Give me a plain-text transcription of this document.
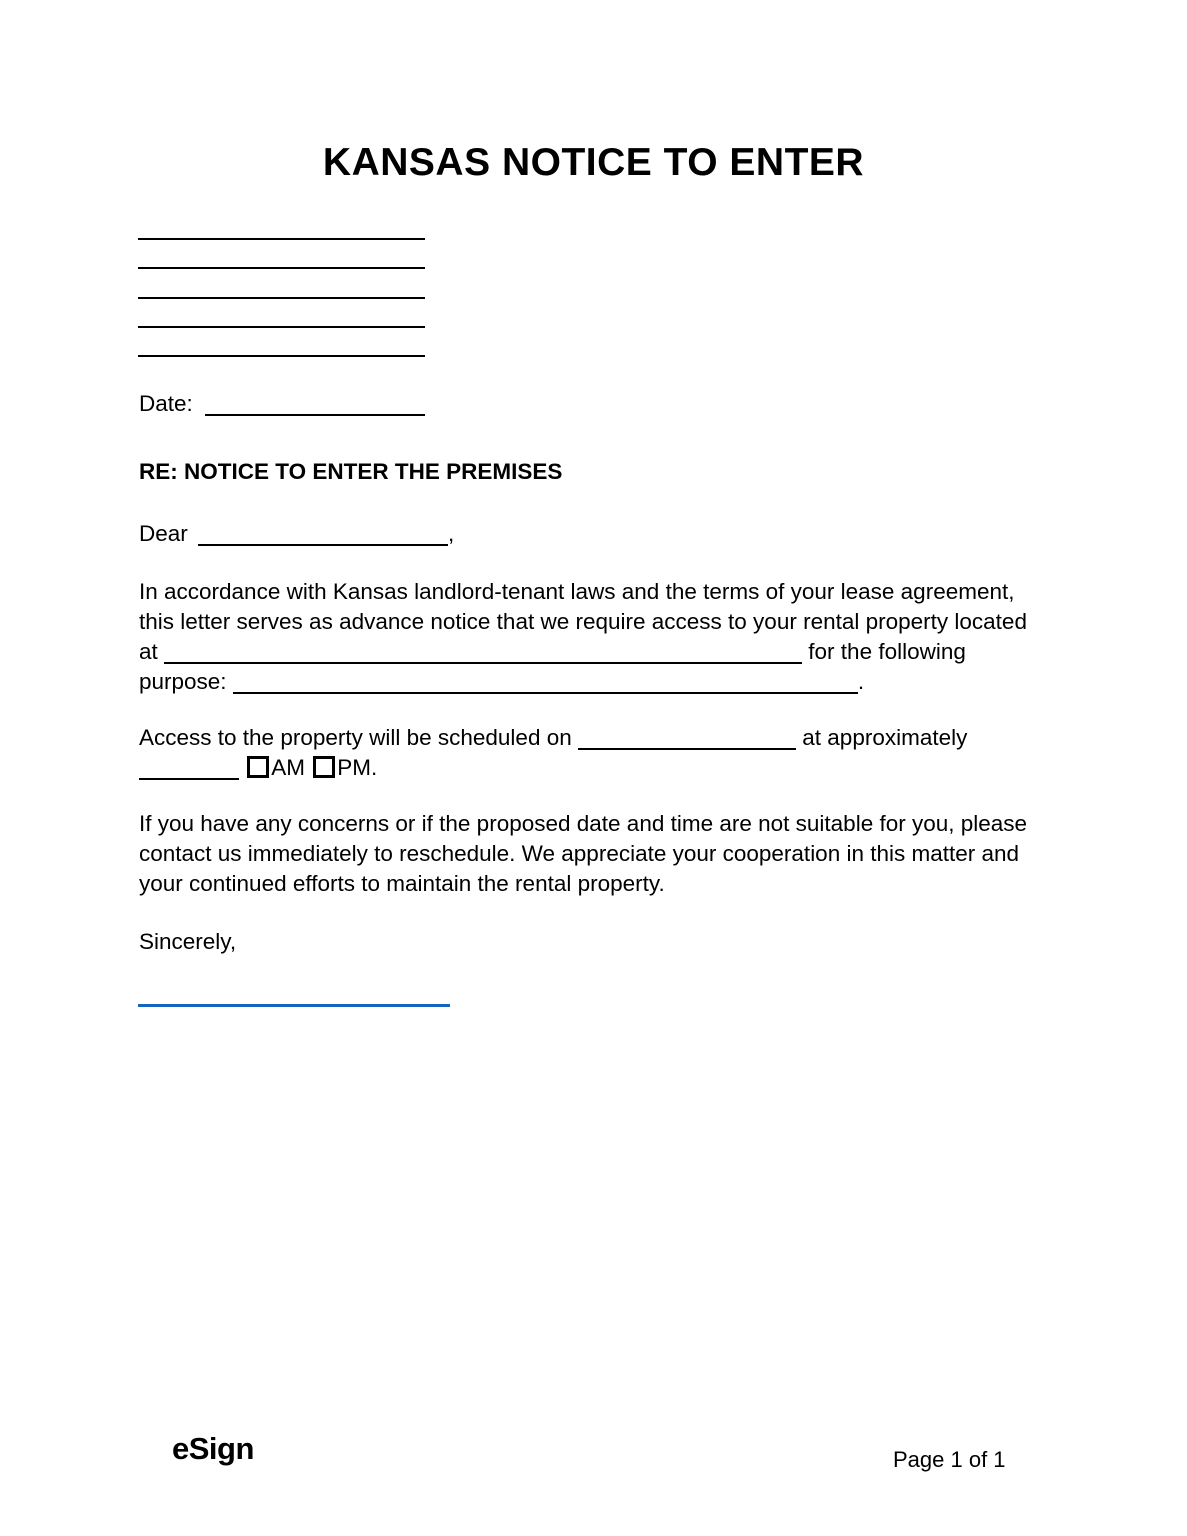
KANSAS NOTICE TO ENTER
Date:
RE: NOTICE TO ENTER THE PREMISES
Dear	,

In accordance with Kansas landlord-tenant laws and the terms of your lease agreement, this letter serves as advance notice that we require access to your rental property located at	for the following purpose:	.

Access to the property will be scheduled on	at approximately  AM PM.

If you have any concerns or if the proposed date and time are not suitable for you, please contact us immediately to reschedule. We appreciate your cooperation in this matter and your continued efforts to maintain the rental property.

Sincerely,
eSign	Page 1 of 1
